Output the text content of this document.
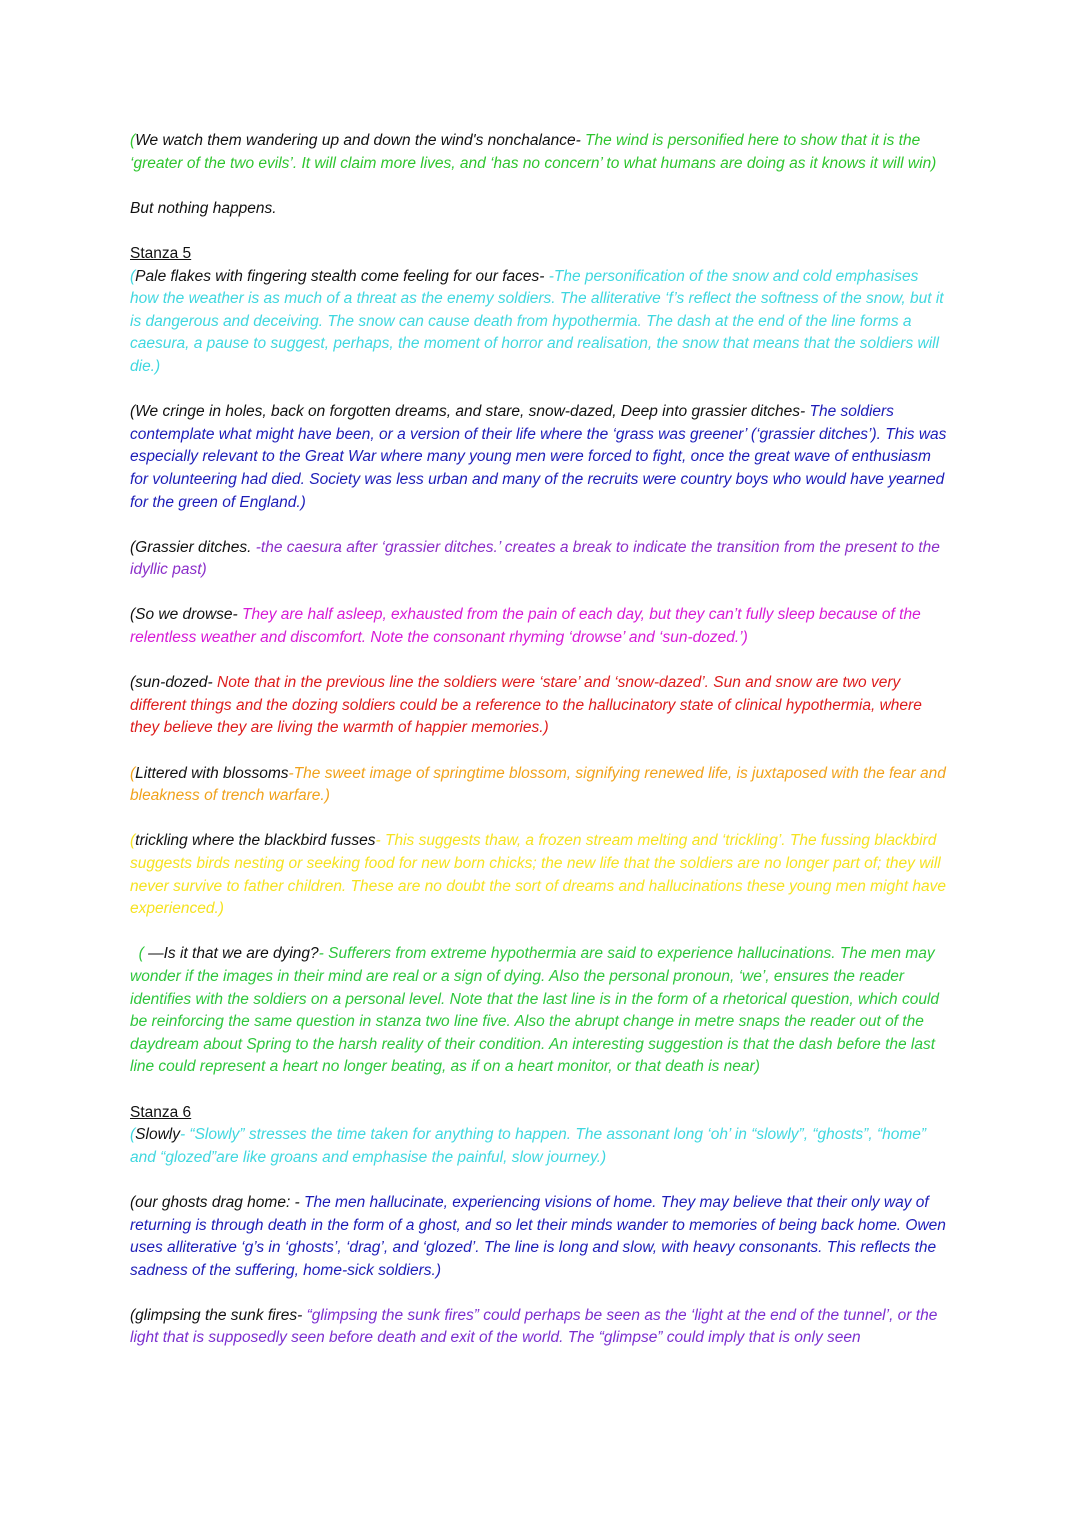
(We watch them wandering up and down the wind's nonchalance- The wind is personified here to show that it is the ‘greater of the two evils’. It will claim more lives, and ‘has no concern’ to what humans are doing as it knows it will win)

But nothing happens.

Stanza 5
(Pale flakes with fingering stealth come feeling for our faces- -The personification of the snow and cold emphasises how the weather is as much of a threat as the enemy soldiers. The alliterative ‘f’s reflect the softness of the snow, but it is dangerous and deceiving. The snow can cause death from hypothermia. The dash at the end of the line forms a caesura, a pause to suggest, perhaps, the moment of horror and realisation, the snow that means that the soldiers will die.)

(We cringe in holes, back on forgotten dreams, and stare, snow-dazed, Deep into grassier ditches- The soldiers contemplate what might have been, or a version of their life where the ‘grass was greener’ (‘grassier ditches’). This was especially relevant to the Great War where many young men were forced to fight, once the great wave of enthusiasm for volunteering had died. Society was less urban and many of the recruits were country boys who would have yearned for the green of England.)

(Grassier ditches. -the caesura after ‘grassier ditches.’ creates a break to indicate the transition from the present to the idyllic past)

(So we drowse- They are half asleep, exhausted from the pain of each day, but they can’t fully sleep because of the relentless weather and discomfort. Note the consonant rhyming ‘drowse’ and ‘sun-dozed.’)

(sun-dozed- Note that in the previous line the soldiers were ‘stare’ and ‘snow-dazed’. Sun and snow are two very different things and the dozing soldiers could be a reference to the hallucinatory state of clinical hypothermia, where they believe they are living the warmth of happier memories.)

(Littered with blossoms-The sweet image of springtime blossom, signifying renewed life, is juxtaposed with the fear and bleakness of trench warfare.)

(trickling where the blackbird fusses- This suggests thaw, a frozen stream melting and ‘trickling’. The fussing blackbird suggests birds nesting or seeking food for new born chicks; the new life that the soldiers are no longer part of; they will never survive to father children. These are no doubt the sort of dreams and hallucinations these young men might have experienced.)

( —Is it that we are dying?- Sufferers from extreme hypothermia are said to experience hallucinations. The men may wonder if the images in their mind are real or a sign of dying. Also the personal pronoun, ‘we’, ensures the reader identifies with the soldiers on a personal level. Note that the last line is in the form of a rhetorical question, which could be reinforcing the same question in stanza two line five. Also the abrupt change in metre snaps the reader out of the daydream about Spring to the harsh reality of their condition. An interesting suggestion is that the dash before the last line could represent a heart no longer beating, as if on a heart monitor, or that death is near)

Stanza 6
(Slowly- “Slowly” stresses the time taken for anything to happen. The assonant long ‘oh’ in “slowly”, “ghosts”, “home” and “glozed”are like groans and emphasise the painful, slow journey.)

(our ghosts drag home: - The men hallucinate, experiencing visions of home. They may believe that their only way of returning is through death in the form of a ghost, and so let their minds wander to memories of being back home. Owen uses alliterative ‘g’s in ‘ghosts’, ‘drag’, and ‘glozed’. The line is long and slow, with heavy consonants. This reflects the sadness of the suffering, home-sick soldiers.)

(glimpsing the sunk fires- “glimpsing the sunk fires” could perhaps be seen as the ‘light at the end of the tunnel’, or the light that is supposedly seen before death and exit of the world. The “glimpse” could imply that is only seen
